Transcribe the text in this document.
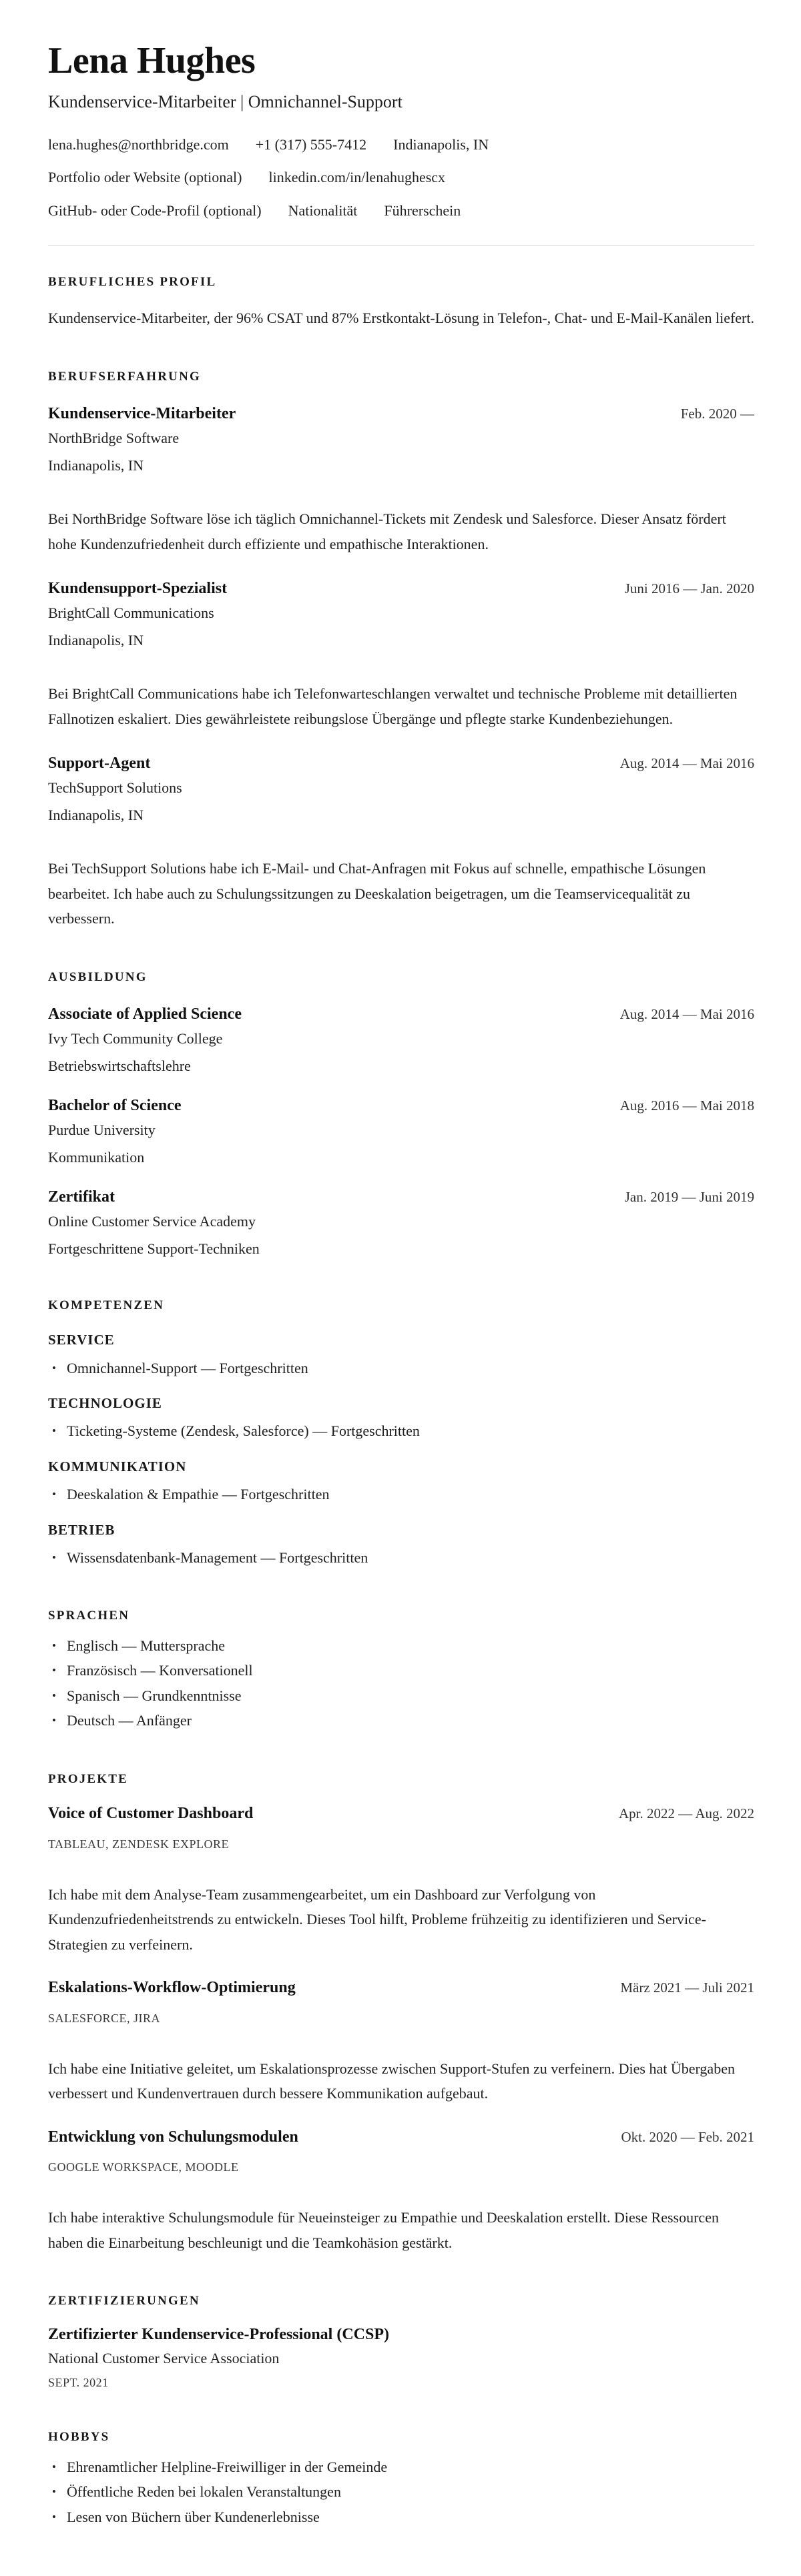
Lena Hughes
Kundenservice-Mitarbeiter | Omnichannel-Support
lena.hughes@northbridge.com +1 (317) 555-7412 Indianapolis, IN
Portfolio oder Website (optional) linkedin.com/in/lenahughescx
GitHub- oder Code-Profil (optional) Nationalität Führerschein
BERUFLICHES PROFIL

Kundenservice-Mitarbeiter, der 96% CSAT und 87% Erstkontakt-Lösung in Telefon-, Chat- und E-Mail-Kanälen liefert.

BERUFSERFAHRUNG
Kundenservice-Mitarbeiter	Feb. 2020 —
NorthBridge Software
Indianapolis, IN

Bei NorthBridge Software löse ich täglich Omnichannel-Tickets mit Zendesk und Salesforce. Dieser Ansatz fördert hohe Kundenzufriedenheit durch effiziente und empathische Interaktionen.

Kundensupport-Spezialist	Juni 2016 — Jan. 2020
BrightCall Communications
Indianapolis, IN

Bei BrightCall Communications habe ich Telefonwarteschlangen verwaltet und technische Probleme mit detaillierten Fallnotizen eskaliert. Dies gewährleistete reibungslose Übergänge und pflegte starke Kundenbeziehungen.

Support-Agent	Aug. 2014 — Mai 2016
TechSupport Solutions
Indianapolis, IN

Bei TechSupport Solutions habe ich E-Mail- und Chat-Anfragen mit Fokus auf schnelle, empathische Lösungen bearbeitet. Ich habe auch zu Schulungssitzungen zu Deeskalation beigetragen, um die Teamservicequalität zu verbessern.

AUSBILDUNG
Associate of Applied Science	Aug. 2014 — Mai 2016
Ivy Tech Community College
Betriebswirtschaftslehre
Bachelor of Science	Aug. 2016 — Mai 2018
Purdue University
Kommunikation
Zertifikat	Jan. 2019 — Juni 2019
Online Customer Service Academy
Fortgeschrittene Support-Techniken
KOMPETENZEN
SERVICE
• Omnichannel-Support — Fortgeschritten
TECHNOLOGIE
• Ticketing-Systeme (Zendesk, Salesforce) — Fortgeschritten
KOMMUNIKATION
• Deeskalation & Empathie — Fortgeschritten
BETRIEB
• Wissensdatenbank-Management — Fortgeschritten
SPRACHEN
• Englisch — Muttersprache
• Französisch — Konversationell
• Spanisch — Grundkenntnisse
• Deutsch — Anfänger
PROJEKTE
Voice of Customer Dashboard	Apr. 2022 — Aug. 2022
TABLEAU, ZENDESK EXPLORE

Ich habe mit dem Analyse-Team zusammengearbeitet, um ein Dashboard zur Verfolgung von Kundenzufriedenheitstrends zu entwickeln. Dieses Tool hilft, Probleme frühzeitig zu identifizieren und Service-Strategien zu verfeinern.

Eskalations-Workflow-Optimierung	März 2021 — Juli 2021
SALESFORCE, JIRA

Ich habe eine Initiative geleitet, um Eskalationsprozesse zwischen Support-Stufen zu verfeinern. Dies hat Übergaben verbessert und Kundenvertrauen durch bessere Kommunikation aufgebaut.

Entwicklung von Schulungsmodulen	Okt. 2020 — Feb. 2021
GOOGLE WORKSPACE, MOODLE

Ich habe interaktive Schulungsmodule für Neueinsteiger zu Empathie und Deeskalation erstellt. Diese Ressourcen haben die Einarbeitung beschleunigt und die Teamkohäsion gestärkt.

ZERTIFIZIERUNGEN
Zertifizierter Kundenservice-Professional (CCSP)
National Customer Service Association
SEPT. 2021
HOBBYS
• Ehrenamtlicher Helpline-Freiwilliger in der Gemeinde
• Öffentliche Reden bei lokalen Veranstaltungen
• Lesen von Büchern über Kundenerlebnisse
